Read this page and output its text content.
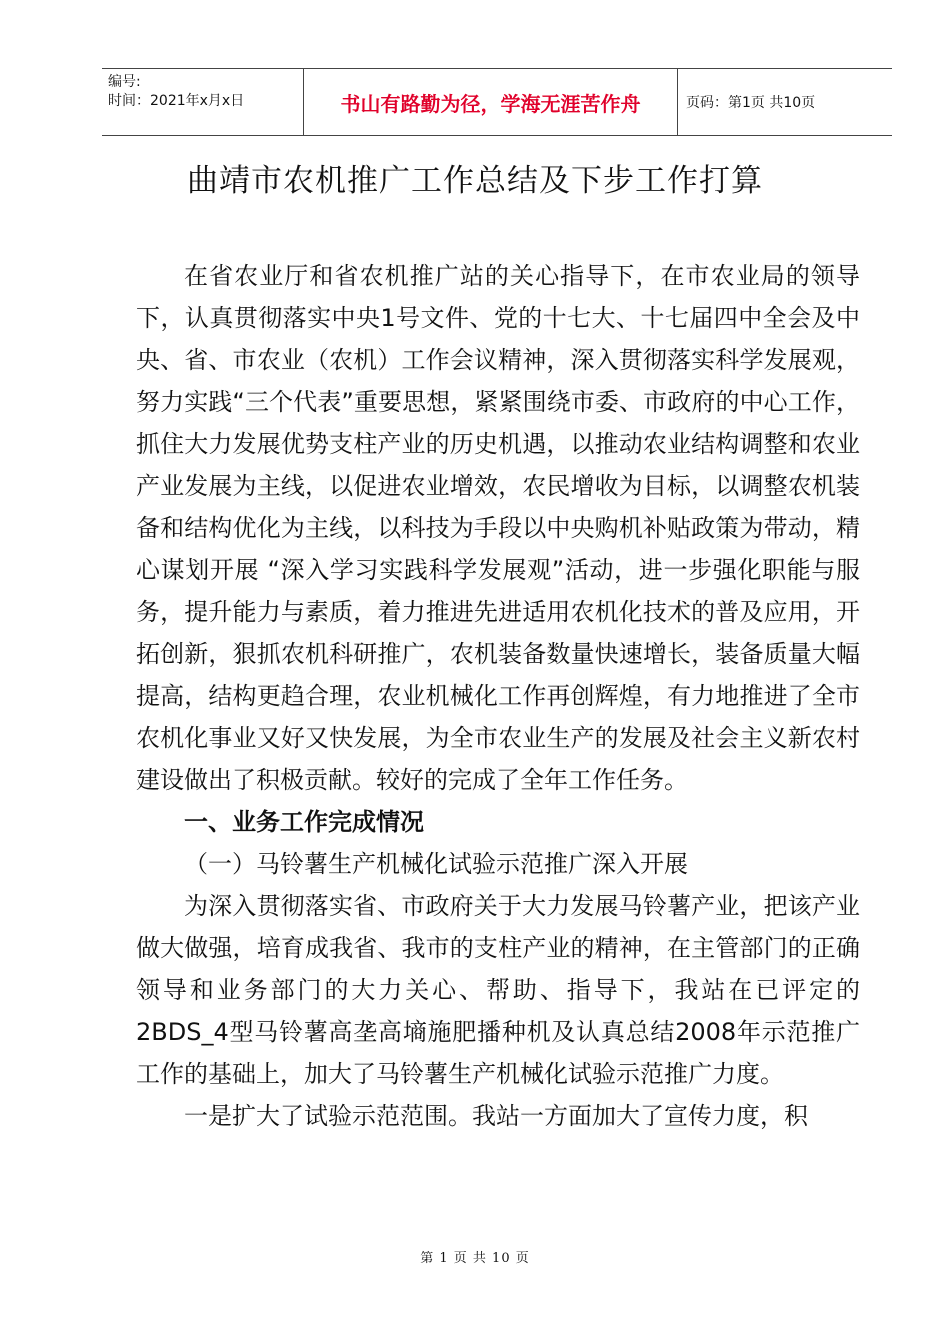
编号:
时间：2021年x月x日	书山有路勤为径，学海无涯苦作舟	页码：第1页 共10页
曲靖市农机推广工作总结及下步工作打算

在省农业厅和省农机推广站的关心指导下，在市农业局的领导下，认真贯彻落实中央1号文件、党的十七大、十七届四中全会及中央、省、市农业（农机）工作会议精神，深入贯彻落实科学发展观，努力实践“三个代表”重要思想，紧紧围绕市委、市政府的中心工作，抓住大力发展优势支柱产业的历史机遇，以推动农业结构调整和农业产业发展为主线，以促进农业增效，农民增收为目标，以调整农机装备和结构优化为主线，以科技为手段以中央购机补贴政策为带动，精心谋划开展 “深入学习实践科学发展观”活动，进一步强化职能与服务，提升能力与素质，着力推进先进适用农机化技术的普及应用，开拓创新，狠抓农机科研推广，农机装备数量快速增长，装备质量大幅提高，结构更趋合理，农业机械化工作再创辉煌，有力地推进了全市农机化事业又好又快发展，为全市农业生产的发展及社会主义新农村建设做出了积极贡献。较好的完成了全年工作任务。

一、业务工作完成情况

（一）马铃薯生产机械化试验示范推广深入开展

为深入贯彻落实省、市政府关于大力发展马铃薯产业，把该产业做大做强，培育成我省、我市的支柱产业的精神，在主管部门的正确领导和业务部门的大力关心、帮助、指导下，我站在已评定的2BDS_4型马铃薯高垄高墒施肥播种机及认真总结2008年示范推广工作的基础上，加大了马铃薯生产机械化试验示范推广力度。

一是扩大了试验示范范围。我站一方面加大了宣传力度，积

第 1 页 共 10 页
